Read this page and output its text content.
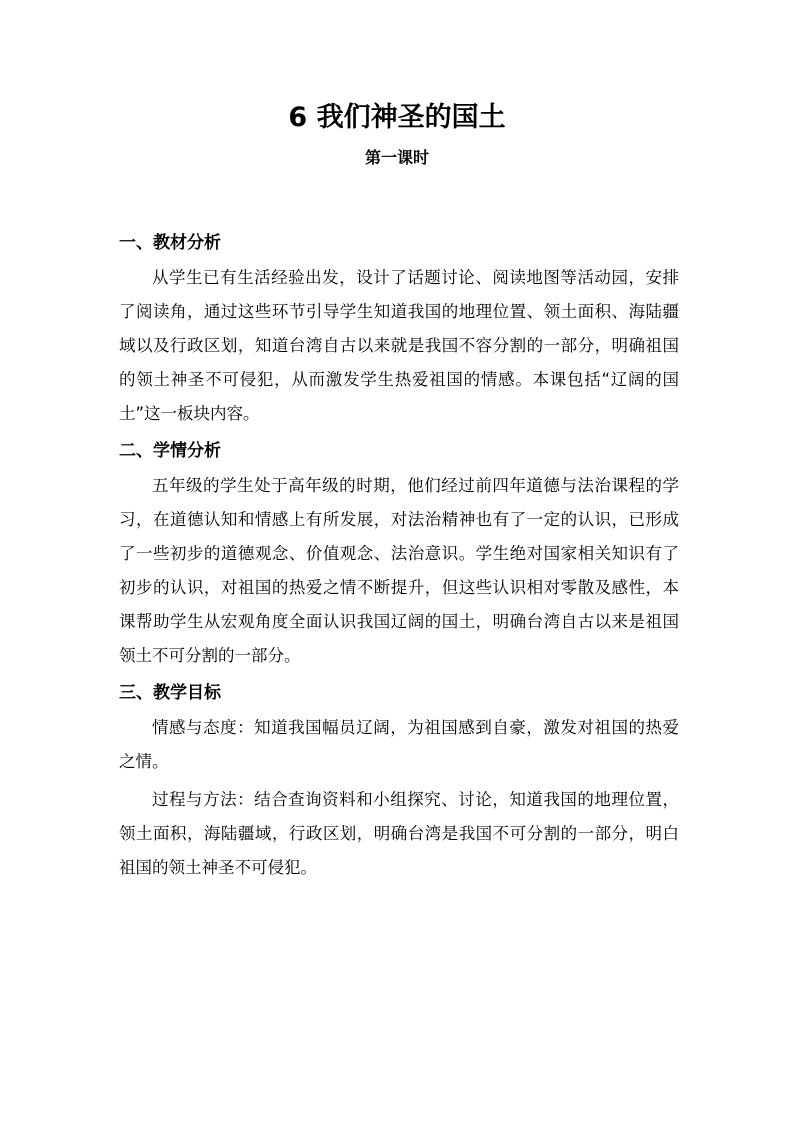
6 我们神圣的国土
第一课时
一、教材分析

从学生已有生活经验出发，设计了话题讨论、阅读地图等活动园，安排了阅读角，通过这些环节引导学生知道我国的地理位置、领土面积、海陆疆域以及行政区划，知道台湾自古以来就是我国不容分割的一部分，明确祖国的领土神圣不可侵犯，从而激发学生热爱祖国的情感。本课包括“辽阔的国土”这一板块内容。

二、学情分析

五年级的学生处于高年级的时期，他们经过前四年道德与法治课程的学习，在道德认知和情感上有所发展，对法治精神也有了一定的认识，已形成了一些初步的道德观念、价值观念、法治意识。学生绝对国家相关知识有了初步的认识，对祖国的热爱之情不断提升，但这些认识相对零散及感性，本课帮助学生从宏观角度全面认识我国辽阔的国土，明确台湾自古以来是祖国领土不可分割的一部分。

三、教学目标

情感与态度：知道我国幅员辽阔，为祖国感到自豪，激发对祖国的热爱之情。

过程与方法：结合查询资料和小组探究、讨论，知道我国的地理位置，领土面积，海陆疆域，行政区划，明确台湾是我国不可分割的一部分，明白祖国的领土神圣不可侵犯。
